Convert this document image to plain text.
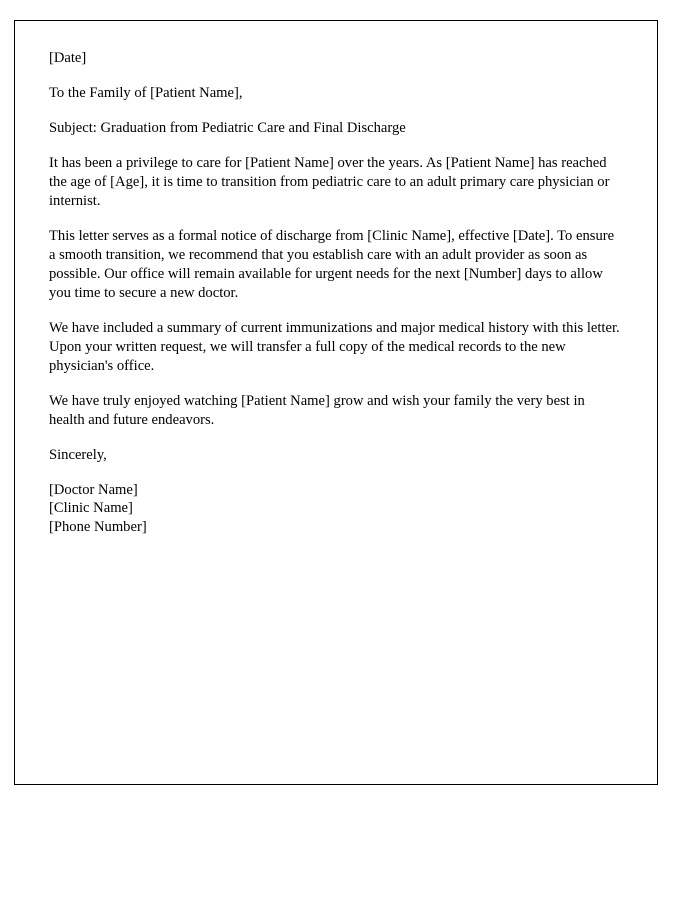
[Date]

To the Family of [Patient Name],

Subject: Graduation from Pediatric Care and Final Discharge

It has been a privilege to care for [Patient Name] over the years. As [Patient Name] has reached the age of [Age], it is time to transition from pediatric care to an adult primary care physician or internist.

This letter serves as a formal notice of discharge from [Clinic Name], effective [Date]. To ensure a smooth transition, we recommend that you establish care with an adult provider as soon as possible. Our office will remain available for urgent needs for the next [Number] days to allow you time to secure a new doctor.

We have included a summary of current immunizations and major medical history with this letter. Upon your written request, we will transfer a full copy of the medical records to the new physician's office.

We have truly enjoyed watching [Patient Name] grow and wish your family the very best in health and future endeavors.

Sincerely,

[Doctor Name]
[Clinic Name]
[Phone Number]
